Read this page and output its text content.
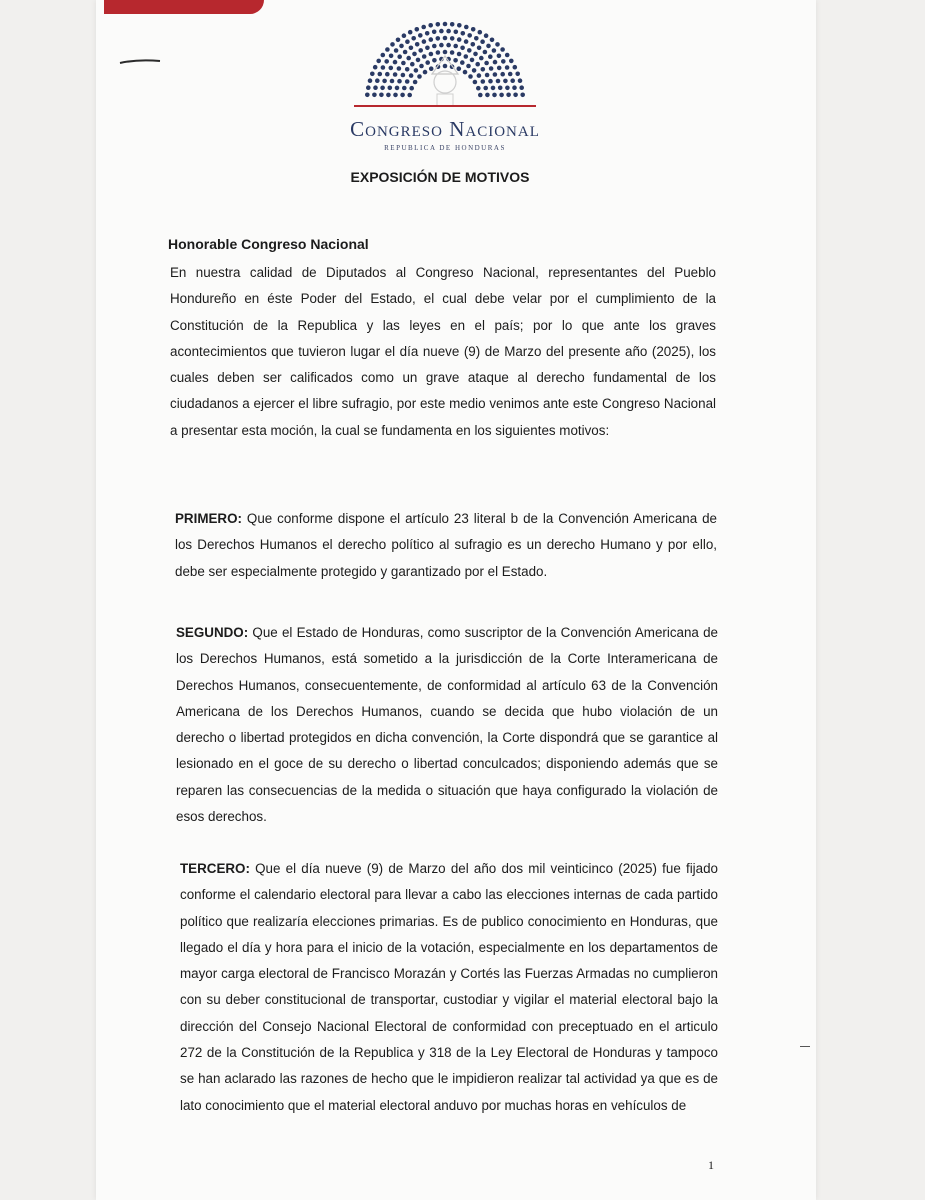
Congreso Nacional
REPUBLICA DE HONDURAS
EXPOSICIÓN DE MOTIVOS
Honorable Congreso Nacional

En nuestra calidad de Diputados al Congreso Nacional, representantes del Pueblo Hondureño en éste Poder del Estado, el cual debe velar por el cumplimiento de la Constitución de la Republica y las leyes en el país; por lo que ante los graves acontecimientos que tuvieron lugar el día nueve (9) de Marzo del presente año (2025), los cuales deben ser calificados como un grave ataque al derecho fundamental de los ciudadanos a ejercer el libre sufragio, por este medio venimos ante este Congreso Nacional a presentar esta moción, la cual se fundamenta en los siguientes motivos:

PRIMERO: Que conforme dispone el artículo 23 literal b de la Convención Americana de los Derechos Humanos el derecho político al sufragio es un derecho Humano y por ello, debe ser especialmente protegido y garantizado por el Estado.

SEGUNDO: Que el Estado de Honduras, como suscriptor de la Convención Americana de los Derechos Humanos, está sometido a la jurisdicción de la Corte Interamericana de Derechos Humanos, consecuentemente, de conformidad al artículo 63 de la Convención Americana de los Derechos Humanos, cuando se decida que hubo violación de un derecho o libertad protegidos en dicha convención, la Corte dispondrá que se garantice al lesionado en el goce de su derecho o libertad conculcados; disponiendo además que se reparen las consecuencias de la medida o situación que haya configurado la violación de esos derechos.

TERCERO: Que el día nueve (9) de Marzo del año dos mil veinticinco (2025) fue fijado conforme el calendario electoral para llevar a cabo las elecciones internas de cada partido político que realizaría elecciones primarias. Es de publico conocimiento en Honduras, que llegado el día y hora para el inicio de la votación, especialmente en los departamentos de mayor carga electoral de Francisco Morazán y Cortés las Fuerzas Armadas no cumplieron con su deber constitucional de transportar, custodiar y vigilar el material electoral bajo la dirección del Consejo Nacional Electoral de conformidad con preceptuado en el articulo 272 de la Constitución de la Republica y 318 de la Ley Electoral de Honduras y tampoco se han aclarado las razones de hecho que le impidieron realizar tal actividad ya que es de lato conocimiento que el material electoral anduvo por muchas horas en vehículos de

1
